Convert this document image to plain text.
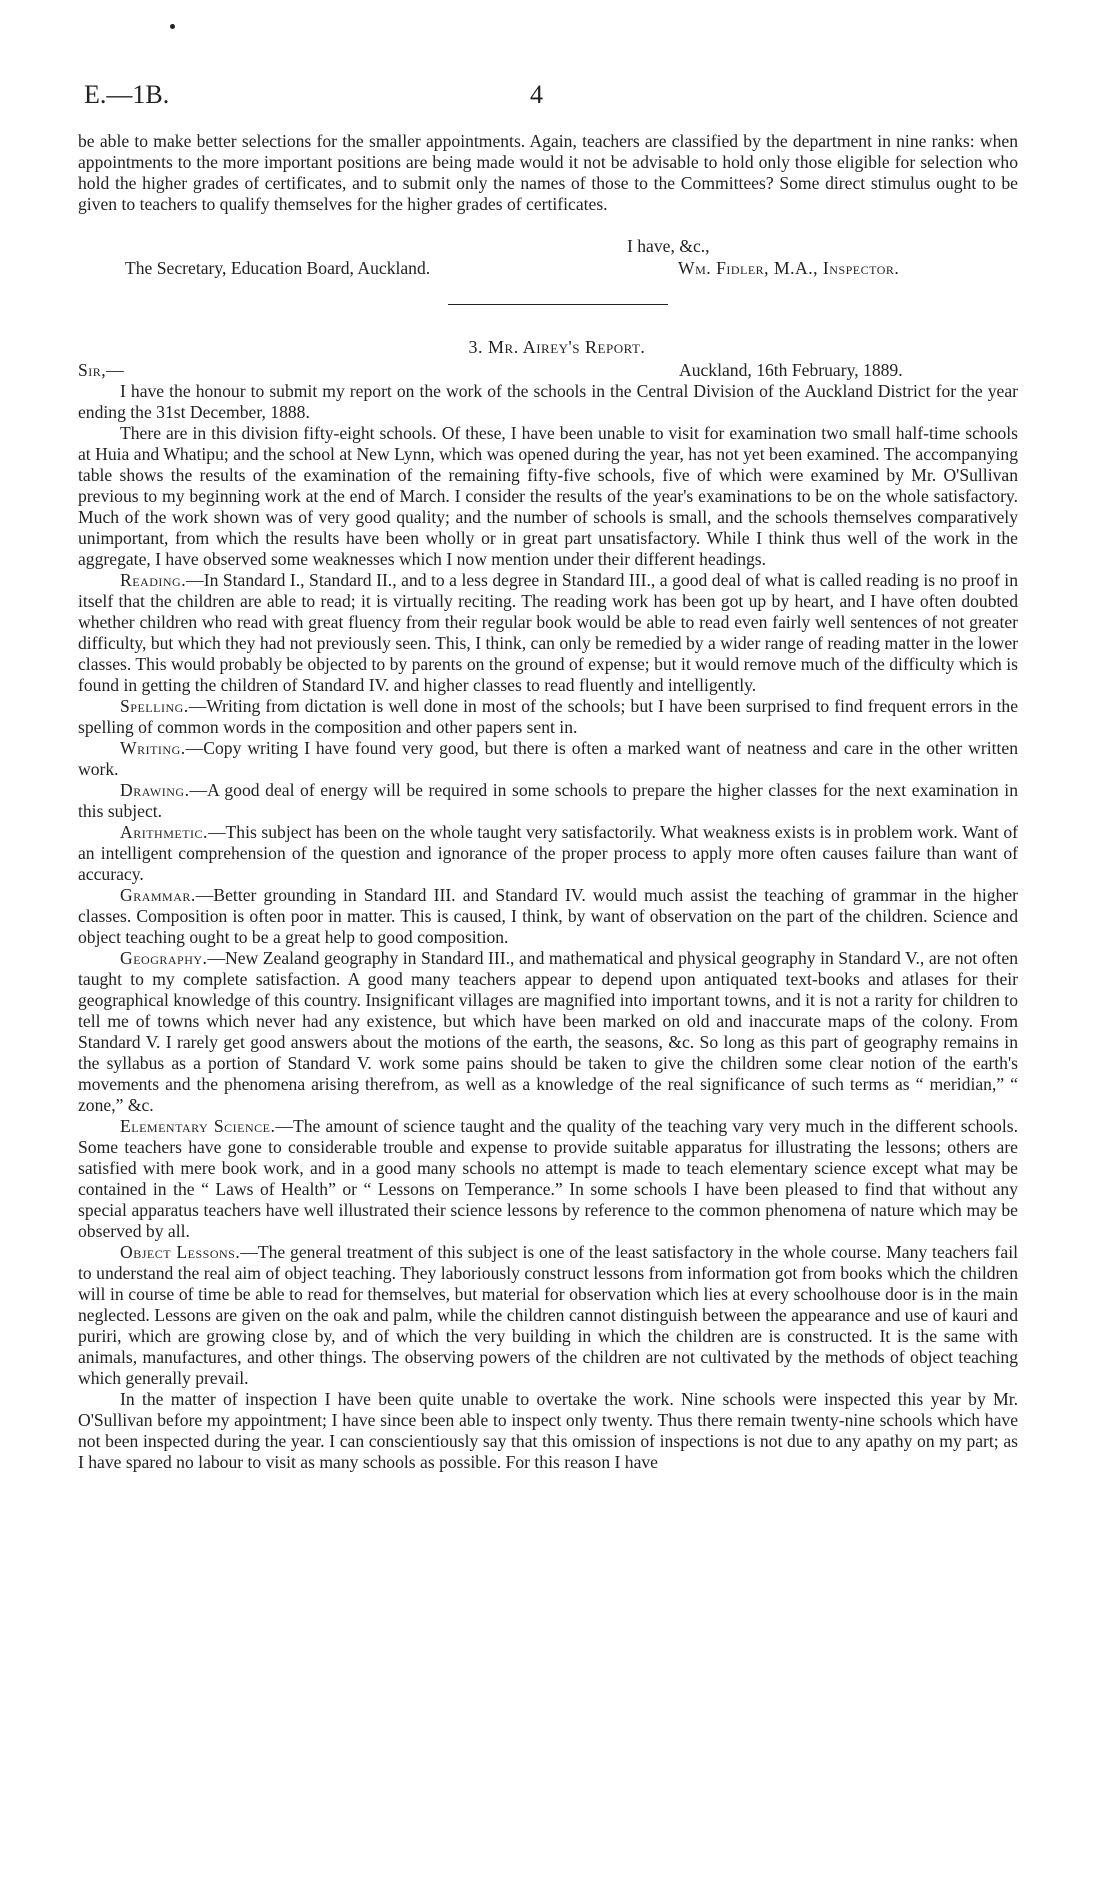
E.—1B.	4

be able to make better selections for the smaller appointments. Again, teachers are classified by the department in nine ranks: when appointments to the more important positions are being made would it not be advisable to hold only those eligible for selection who hold the higher grades of certificates, and to submit only the names of those to the Committees? Some direct stimulus ought to be given to teachers to qualify themselves for the higher grades of certificates.

I have, &c.,
The Secretary, Education Board, Auckland.	Wm. Fidler, M.A., Inspector.
3. Mr. Airey's Report.
Sir,—	Auckland, 16th February, 1889.

I have the honour to submit my report on the work of the schools in the Central Division of the Auckland District for the year ending the 31st December, 1888.

There are in this division fifty-eight schools. Of these, I have been unable to visit for examination two small half-time schools at Huia and Whatipu; and the school at New Lynn, which was opened during the year, has not yet been examined. The accompanying table shows the results of the examination of the remaining fifty-five schools, five of which were examined by Mr. O'Sullivan previous to my beginning work at the end of March. I consider the results of the year's examinations to be on the whole satisfactory. Much of the work shown was of very good quality; and the number of schools is small, and the schools themselves comparatively unimportant, from which the results have been wholly or in great part unsatisfactory. While I think thus well of the work in the aggregate, I have observed some weaknesses which I now mention under their different headings.

Reading.—In Standard I., Standard II., and to a less degree in Standard III., a good deal of what is called reading is no proof in itself that the children are able to read; it is virtually reciting. The reading work has been got up by heart, and I have often doubted whether children who read with great fluency from their regular book would be able to read even fairly well sentences of not greater difficulty, but which they had not previously seen. This, I think, can only be remedied by a wider range of reading matter in the lower classes. This would probably be objected to by parents on the ground of expense; but it would remove much of the difficulty which is found in getting the children of Standard IV. and higher classes to read fluently and intelligently.

Spelling.—Writing from dictation is well done in most of the schools; but I have been surprised to find frequent errors in the spelling of common words in the composition and other papers sent in.

Writing.—Copy writing I have found very good, but there is often a marked want of neatness and care in the other written work.

Drawing.—A good deal of energy will be required in some schools to prepare the higher classes for the next examination in this subject.

Arithmetic.—This subject has been on the whole taught very satisfactorily. What weakness exists is in problem work. Want of an intelligent comprehension of the question and ignorance of the proper process to apply more often causes failure than want of accuracy.

Grammar.—Better grounding in Standard III. and Standard IV. would much assist the teaching of grammar in the higher classes. Composition is often poor in matter. This is caused, I think, by want of observation on the part of the children. Science and object teaching ought to be a great help to good composition.

Geography.—New Zealand geography in Standard III., and mathematical and physical geography in Standard V., are not often taught to my complete satisfaction. A good many teachers appear to depend upon antiquated text-books and atlases for their geographical knowledge of this country. Insignificant villages are magnified into important towns, and it is not a rarity for children to tell me of towns which never had any existence, but which have been marked on old and inaccurate maps of the colony. From Standard V. I rarely get good answers about the motions of the earth, the seasons, &c. So long as this part of geography remains in the syllabus as a portion of Standard V. work some pains should be taken to give the children some clear notion of the earth's movements and the phenomena arising therefrom, as well as a knowledge of the real significance of such terms as “ meridian,” “ zone,” &c.

Elementary Science.—The amount of science taught and the quality of the teaching vary very much in the different schools. Some teachers have gone to considerable trouble and expense to provide suitable apparatus for illustrating the lessons; others are satisfied with mere book work, and in a good many schools no attempt is made to teach elementary science except what may be contained in the “ Laws of Health” or “ Lessons on Temperance.” In some schools I have been pleased to find that without any special apparatus teachers have well illustrated their science lessons by reference to the common phenomena of nature which may be observed by all.

Object Lessons.—The general treatment of this subject is one of the least satisfactory in the whole course. Many teachers fail to understand the real aim of object teaching. They laboriously construct lessons from information got from books which the children will in course of time be able to read for themselves, but material for observation which lies at every schoolhouse door is in the main neglected. Lessons are given on the oak and palm, while the children cannot distinguish between the appearance and use of kauri and puriri, which are growing close by, and of which the very building in which the children are is constructed. It is the same with animals, manufactures, and other things. The observing powers of the children are not cultivated by the methods of object teaching which generally prevail.

In the matter of inspection I have been quite unable to overtake the work. Nine schools were inspected this year by Mr. O'Sullivan before my appointment; I have since been able to inspect only twenty. Thus there remain twenty-nine schools which have not been inspected during the year. I can conscientiously say that this omission of inspections is not due to any apathy on my part; as I have spared no labour to visit as many schools as possible. For this reason I have
